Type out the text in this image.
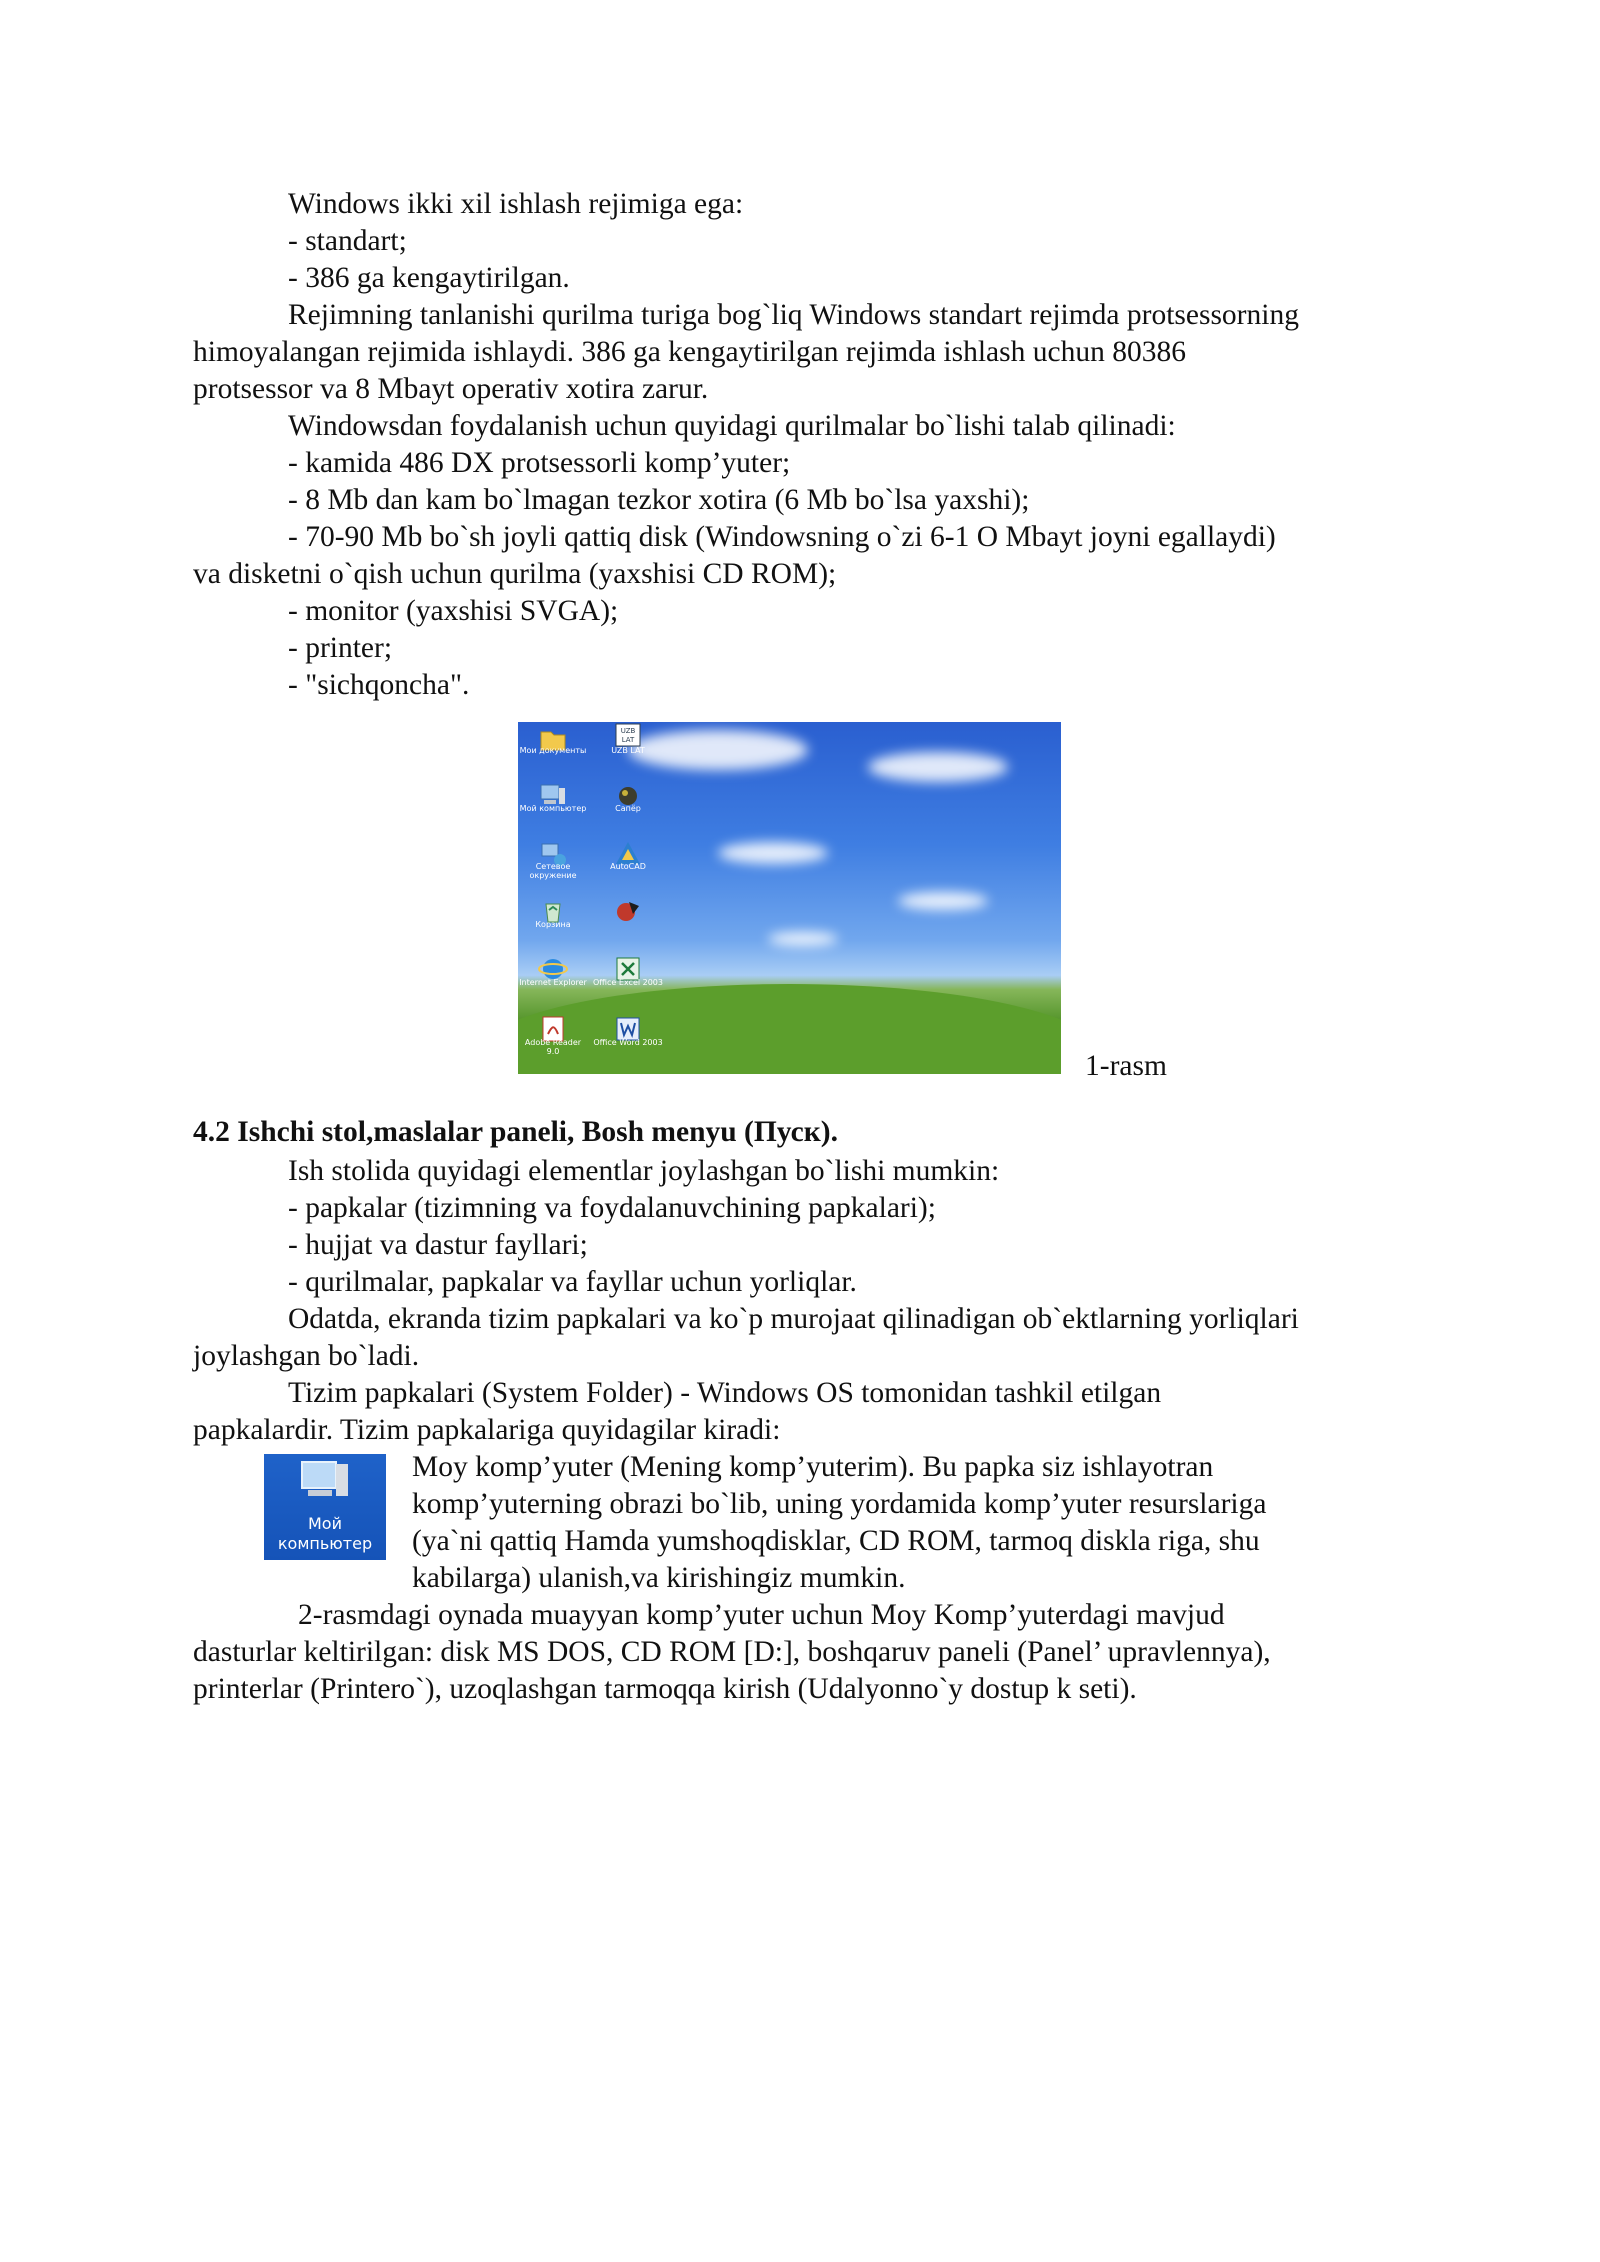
Windows ikki xil ishlash rejimiga ega:

- standart;

- 386 ga kengaytirilgan.

Rejimning tanlanishi qurilma turiga bog`liq Windows standart rejimda protsessorning

himoyalangan rejimida ishlaydi. 386 ga kengaytirilgan rejimda ishlash uchun 80386

protsessor va 8 Mbayt operativ xotira zarur.

Windowsdan foydalanish uchun quyidagi qurilmalar bo`lishi talab qilinadi:

- kamida 486 DX protsessorli komp’yuter;

- 8 Mb dan kam bo`lmagan tezkor xotira (6 Mb bo`lsa yaxshi);

- 70-90 Mb bo`sh joyli qattiq disk (Windowsning o`zi 6-1 O Mbayt joyni egallaydi)

va disketni o`qish uchun qurilma (yaxshisi CD ROM);

- monitor (yaxshisi SVGA);

- printer;

- "sichqoncha".

Мои документы
Мой компьютер
Сетевое окружение
Корзина
Internet Explorer
Adobe Reader 9.0
UZB
LAT
UZB LAT
Сапёр
AutoCAD
Office Excel 2003
Office Word 2003
1-rasm

4.2 Ishchi stol,maslalar paneli, Bosh menyu (Пуск).

Ish stolida quyidagi elementlar joylashgan bo`lishi mumkin:

- papkalar (tizimning va foydalanuvchining papkalari);

- hujjat va dastur fayllari;

- qurilmalar, papkalar va fayllar uchun yorliqlar.

Odatda, ekranda tizim papkalari va ko`p murojaat qilinadigan ob`ektlarning yorliqlari

joylashgan bo`ladi.

Tizim papkalari (System Folder) - Windows OS tomonidan tashkil etilgan

papkalardir. Tizim papkalariga quyidagilar kiradi:

Мой компьютер

Moy komp’yuter (Mening komp’yuterim). Bu papka siz ishlayotran

komp’yuterning obrazi bo`lib, uning yordamida komp’yuter resurslariga

(ya`ni qattiq Hamda yumshoqdisklar, CD ROM, tarmoq diskla riga, shu

kabilarga) ulanish,va kirishingiz mumkin.

2-rasmdagi oynada muayyan komp’yuter uchun Moy Komp’yuterdagi mavjud

dasturlar keltirilgan: disk MS DOS, CD ROM [D:], boshqaruv paneli (Panel’ upravlennya),

printerlar (Printero`), uzoqlashgan tarmoqqa kirish (Udalyonno`y dostup k seti).
